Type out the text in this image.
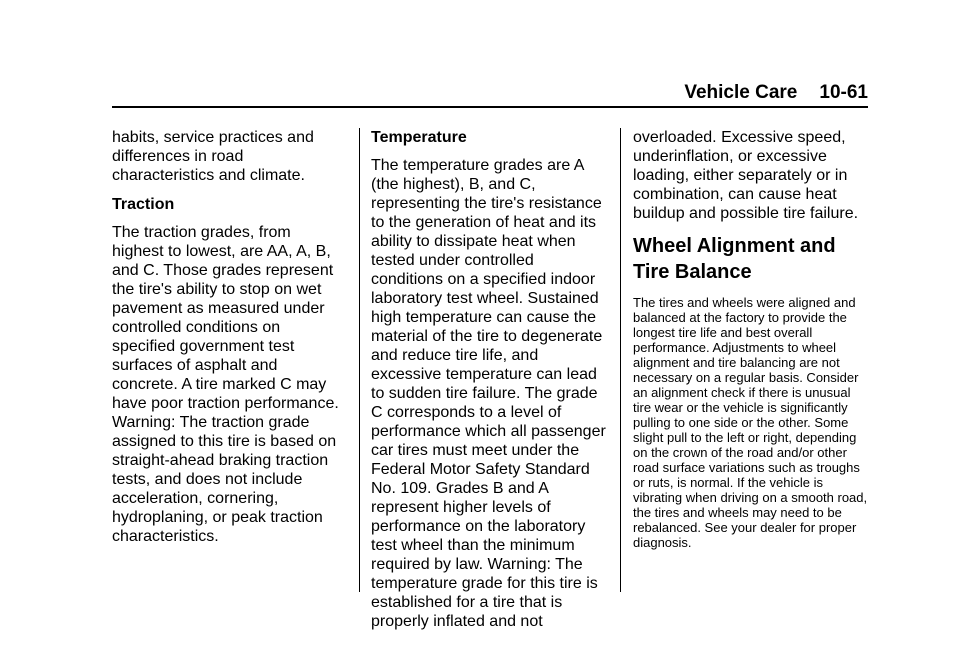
Vehicle Care 10-61

habits, service practices and differences in road characteristics and climate.

Traction

The traction grades, from highest to lowest, are AA, A, B, and C. Those grades represent the tire's ability to stop on wet pavement as measured under controlled conditions on specified government test surfaces of asphalt and concrete. A tire marked C may have poor traction performance. Warning: The traction grade assigned to this tire is based on straight-ahead braking traction tests, and does not include acceleration, cornering, hydroplaning, or peak traction characteristics.

Temperature

The temperature grades are A (the highest), B, and C, representing the tire's resistance to the generation of heat and its ability to dissipate heat when tested under controlled conditions on a specified indoor laboratory test wheel. Sustained high temperature can cause the material of the tire to degenerate and reduce tire life, and excessive temperature can lead to sudden tire failure. The grade C corresponds to a level of performance which all passenger car tires must meet under the Federal Motor Safety Standard No. 109. Grades B and A represent higher levels of performance on the laboratory test wheel than the minimum required by law. Warning: The temperature grade for this tire is established for a tire that is properly inflated and not

overloaded. Excessive speed, underinflation, or excessive loading, either separately or in combination, can cause heat buildup and possible tire failure.

Wheel Alignment and Tire Balance

The tires and wheels were aligned and balanced at the factory to provide the longest tire life and best overall performance. Adjustments to wheel alignment and tire balancing are not necessary on a regular basis. Consider an alignment check if there is unusual tire wear or the vehicle is significantly pulling to one side or the other. Some slight pull to the left or right, depending on the crown of the road and/or other road surface variations such as troughs or ruts, is normal. If the vehicle is vibrating when driving on a smooth road, the tires and wheels may need to be rebalanced. See your dealer for proper diagnosis.
